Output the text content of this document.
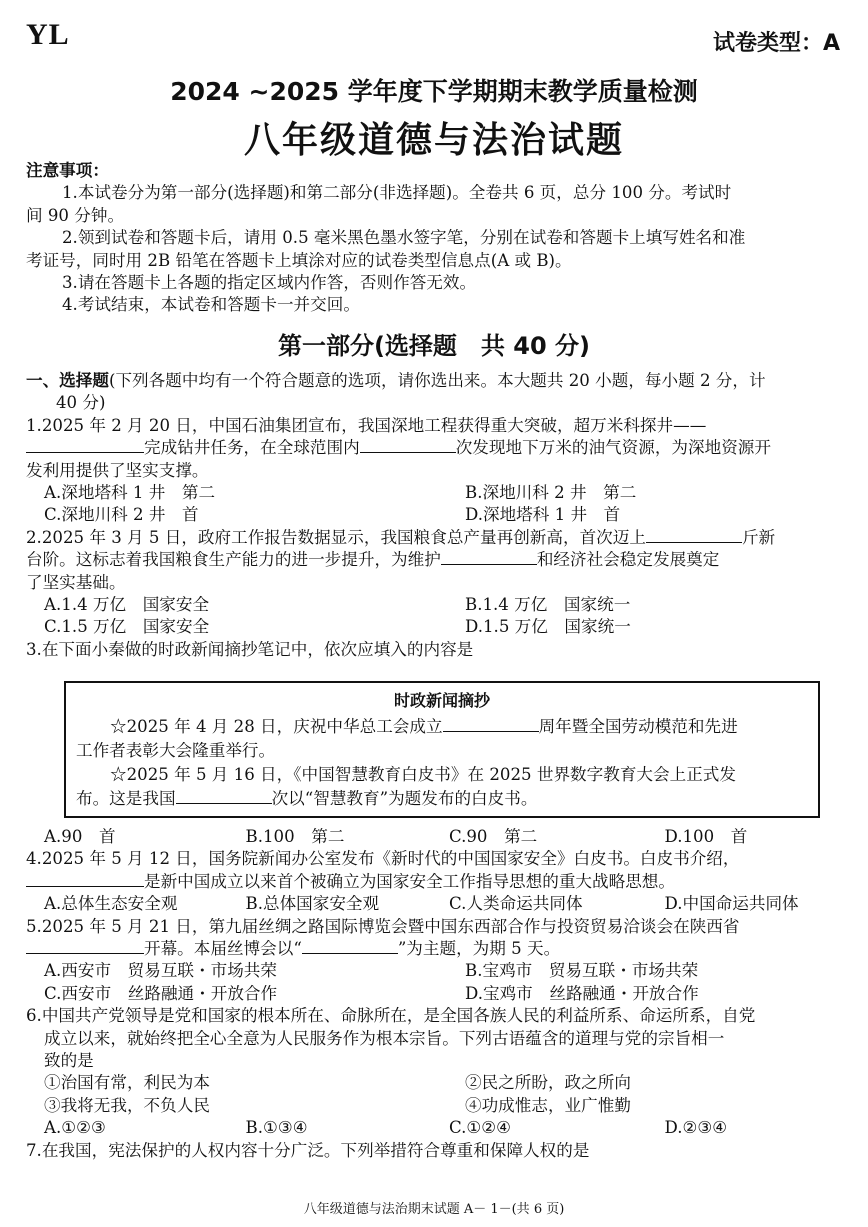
YL	试卷类型：A
2024 ~2025 学年度下学期期末教学质量检测
八年级道德与法治试题
注意事项：
1.本试卷分为第一部分(选择题)和第二部分(非选择题)。全卷共 6 页，总分 100 分。考试时
间 90 分钟。
2.领到试卷和答题卡后，请用 0.5 毫米黑色墨水签字笔，分别在试卷和答题卡上填写姓名和准
考证号，同时用 2B 铅笔在答题卡上填涂对应的试卷类型信息点(A 或 B)。
3.请在答题卡上各题的指定区域内作答，否则作答无效。
4.考试结束，本试卷和答题卡一并交回。
第一部分(选择题　共 40 分)
一、选择题(下列各题中均有一个符合题意的选项，请你选出来。本大题共 20 小题，每小题 2 分，计
40 分)
1.2025 年 2 月 20 日，中国石油集团宣布，我国深地工程获得重大突破，超万米科探井——
完成钻井任务，在全球范围内	次发现地下万米的油气资源，为深地资源开
发利用提供了坚实支撑。
A.深地塔科 1 井　第二	B.深地川科 2 井　第二
C.深地川科 2 井　首	D.深地塔科 1 井　首
2.2025 年 3 月 5 日，政府工作报告数据显示，我国粮食总产量再创新高，首次迈上	斤新
台阶。这标志着我国粮食生产能力的进一步提升，为维护	和经济社会稳定发展奠定
了坚实基础。
A.1.4 万亿　国家安全	B.1.4 万亿　国家统一
C.1.5 万亿　国家安全	D.1.5 万亿　国家统一
3.在下面小秦做的时政新闻摘抄笔记中，依次应填入的内容是
时政新闻摘抄
☆2025 年 4 月 28 日，庆祝中华总工会成立	周年暨全国劳动模范和先进
工作者表彰大会隆重举行。
☆2025 年 5 月 16 日，《中国智慧教育白皮书》在 2025 世界数字教育大会上正式发
布。这是我国	次以“智慧教育”为题发布的白皮书。
A.90　首	B.100　第二	C.90　第二	D.100　首
4.2025 年 5 月 12 日，国务院新闻办公室发布《新时代的中国国家安全》白皮书。白皮书介绍，
是新中国成立以来首个被确立为国家安全工作指导思想的重大战略思想。
A.总体生态安全观	B.总体国家安全观	C.人类命运共同体	D.中国命运共同体
5.2025 年 5 月 21 日，第九届丝绸之路国际博览会暨中国东西部合作与投资贸易洽谈会在陕西省
开幕。本届丝博会以“	”为主题，为期 5 天。
A.西安市　贸易互联・市场共荣	B.宝鸡市　贸易互联・市场共荣
C.西安市　丝路融通・开放合作	D.宝鸡市　丝路融通・开放合作
6.中国共产党领导是党和国家的根本所在、命脉所在，是全国各族人民的利益所系、命运所系，自党
成立以来，就始终把全心全意为人民服务作为根本宗旨。下列古语蕴含的道理与党的宗旨相一
致的是
①治国有常，利民为本	②民之所盼，政之所向
③我将无我，不负人民	④功成惟志，业广惟勤
A.①②③	B.①③④	C.①②④	D.②③④
7.在我国，宪法保护的人权内容十分广泛。下列举措符合尊重和保障人权的是
八年级道德与法治期末试题 A－ 1－(共 6 页)
